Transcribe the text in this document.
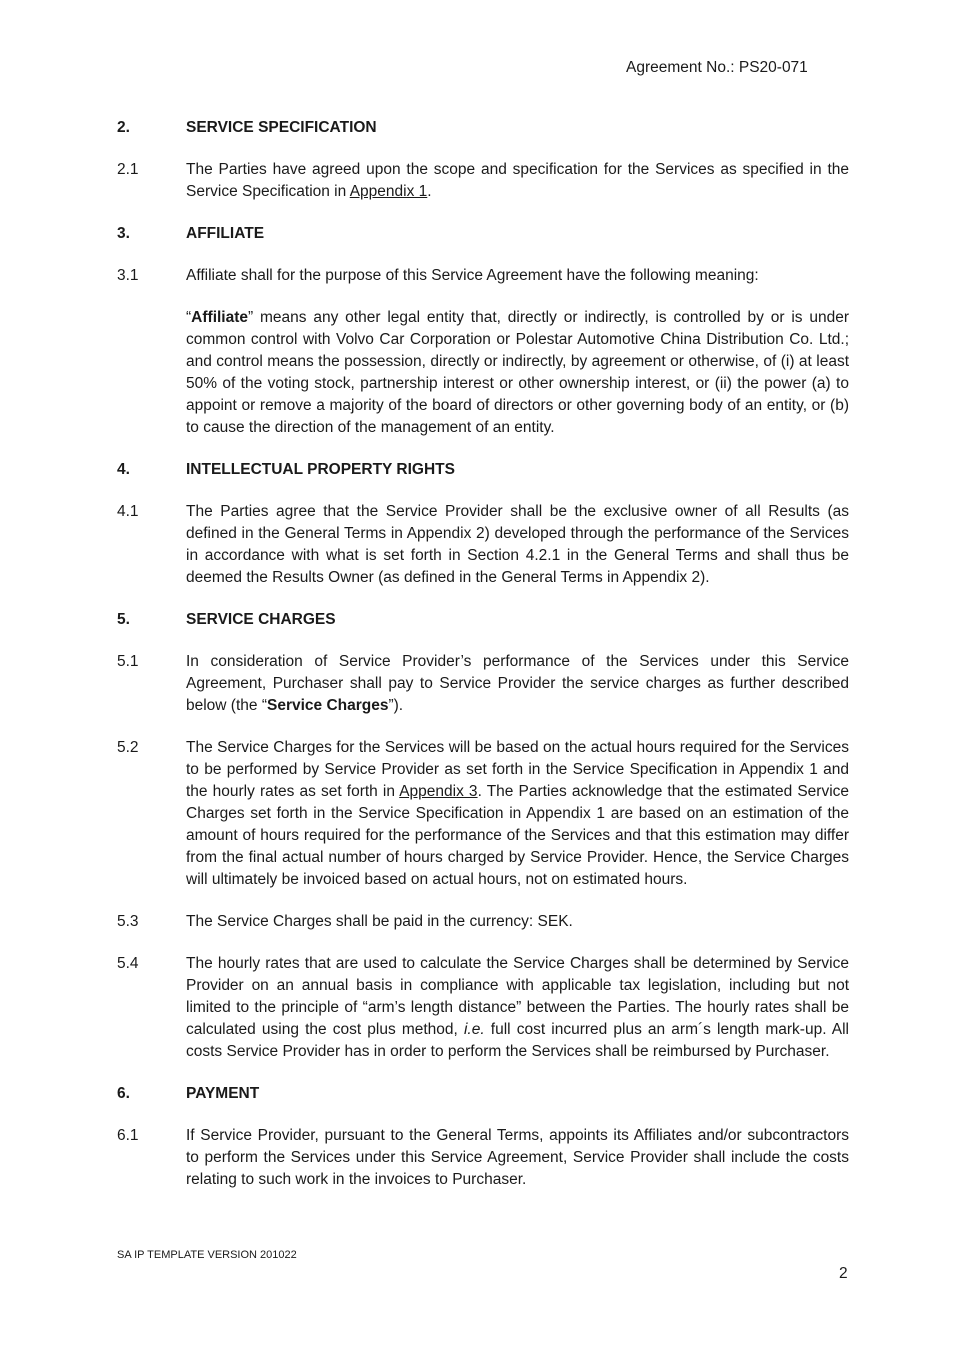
Agreement No.: PS20-071
2.	SERVICE SPECIFICATION
2.1	The Parties have agreed upon the scope and specification for the Services as specified in the Service Specification in Appendix 1.
3.	AFFILIATE
3.1	Affiliate shall for the purpose of this Service Agreement have the following meaning:
“Affiliate” means any other legal entity that, directly or indirectly, is controlled by or is under common control with Volvo Car Corporation or Polestar Automotive China Distribution Co. Ltd.; and control means the possession, directly or indirectly, by agreement or otherwise, of (i) at least 50% of the voting stock, partnership interest or other ownership interest, or (ii) the power (a) to appoint or remove a majority of the board of directors or other governing body of an entity, or (b) to cause the direction of the management of an entity.
4.	INTELLECTUAL PROPERTY RIGHTS
4.1	The Parties agree that the Service Provider shall be the exclusive owner of all Results (as defined in the General Terms in Appendix 2) developed through the performance of the Services in accordance with what is set forth in Section 4.2.1 in the General Terms and shall thus be deemed the Results Owner (as defined in the General Terms in Appendix 2).
5.	SERVICE CHARGES
5.1	In consideration of Service Provider’s performance of the Services under this Service Agreement, Purchaser shall pay to Service Provider the service charges as further described below (the “Service Charges”).
5.2	The Service Charges for the Services will be based on the actual hours required for the Services to be performed by Service Provider as set forth in the Service Specification in Appendix 1 and the hourly rates as set forth in Appendix 3. The Parties acknowledge that the estimated Service Charges set forth in the Service Specification in Appendix 1 are based on an estimation of the amount of hours required for the performance of the Services and that this estimation may differ from the final actual number of hours charged by Service Provider. Hence, the Service Charges will ultimately be invoiced based on actual hours, not on estimated hours.
5.3	The Service Charges shall be paid in the currency: SEK.
5.4	The hourly rates that are used to calculate the Service Charges shall be determined by Service Provider on an annual basis in compliance with applicable tax legislation, including but not limited to the principle of “arm’s length distance” between the Parties. The hourly rates shall be calculated using the cost plus method, i.e. full cost incurred plus an arm´s length mark-up. All costs Service Provider has in order to perform the Services shall be reimbursed by Purchaser.
6.	PAYMENT
6.1	If Service Provider, pursuant to the General Terms, appoints its Affiliates and/or subcontractors to perform the Services under this Service Agreement, Service Provider shall include the costs relating to such work in the invoices to Purchaser.
SA IP TEMPLATE VERSION 201022
2
